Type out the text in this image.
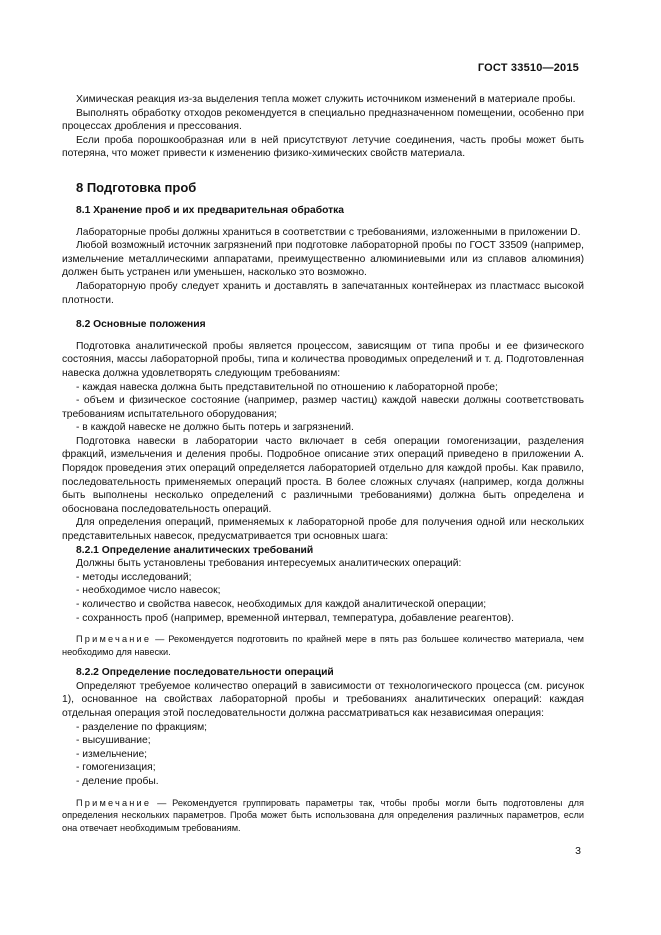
ГОСТ 33510—2015

Химическая реакция из-за выделения тепла может служить источником изменений в материале пробы.

Выполнять обработку отходов рекомендуется в специально предназначенном помещении, особенно при процессах дробления и прессования.

Если проба порошкообразная или в ней присутствуют летучие соединения, часть пробы может быть потеряна, что может привести к изменению физико-химических свойств материала.

8 Подготовка проб

8.1 Хранение проб и их предварительная обработка

Лабораторные пробы должны храниться в соответствии с требованиями, изложенными в приложении D.

Любой возможный источник загрязнений при подготовке лабораторной пробы по ГОСТ 33509 (например, измельчение металлическими аппаратами, преимущественно алюминиевыми или из сплавов алюминия) должен быть устранен или уменьшен, насколько это возможно.

Лабораторную пробу следует хранить и доставлять в запечатанных контейнерах из пластмасс высокой плотности.

8.2 Основные положения

Подготовка аналитической пробы является процессом, зависящим от типа пробы и ее физического состояния, массы лабораторной пробы, типа и количества проводимых определений и т. д. Подготовленная навеска должна удовлетворять следующим требованиям:

- каждая навеска должна быть представительной по отношению к лабораторной пробе;

- объем и физическое состояние (например, размер частиц) каждой навески должны соответствовать требованиям испытательного оборудования;

- в каждой навеске не должно быть потерь и загрязнений.

Подготовка навески в лаборатории часто включает в себя операции гомогенизации, разделения фракций, измельчения и деления пробы. Подробное описание этих операций приведено в приложении А. Порядок проведения этих операций определяется лабораторией отдельно для каждой пробы. Как правило, последовательность применяемых операций проста. В более сложных случаях (например, когда должны быть выполнены несколько определений с различными требованиями) должна быть определена и обоснована последовательность операций.

Для определения операций, применяемых к лабораторной пробе для получения одной или нескольких представительных навесок, предусматривается три основных шага:

8.2.1 Определение аналитических требований

Должны быть установлены требования интересуемых аналитических операций:

- методы исследований;

- необходимое число навесок;

- количество и свойства навесок, необходимых для каждой аналитической операции;

- сохранность проб (например, временной интервал, температура, добавление реагентов).

Примечание — Рекомендуется подготовить по крайней мере в пять раз большее количество материала, чем необходимо для навески.

8.2.2 Определение последовательности операций

Определяют требуемое количество операций в зависимости от технологического процесса (см. рисунок 1), основанное на свойствах лабораторной пробы и требованиях аналитических операций: каждая отдельная операция этой последовательности должна рассматриваться как независимая операция:

- разделение по фракциям;

- высушивание;

- измельчение;

- гомогенизация;

- деление пробы.

Примечание — Рекомендуется группировать параметры так, чтобы пробы могли быть подготовлены для определения нескольких параметров. Проба может быть использована для определения различных параметров, если она отвечает необходимым требованиям.

3
